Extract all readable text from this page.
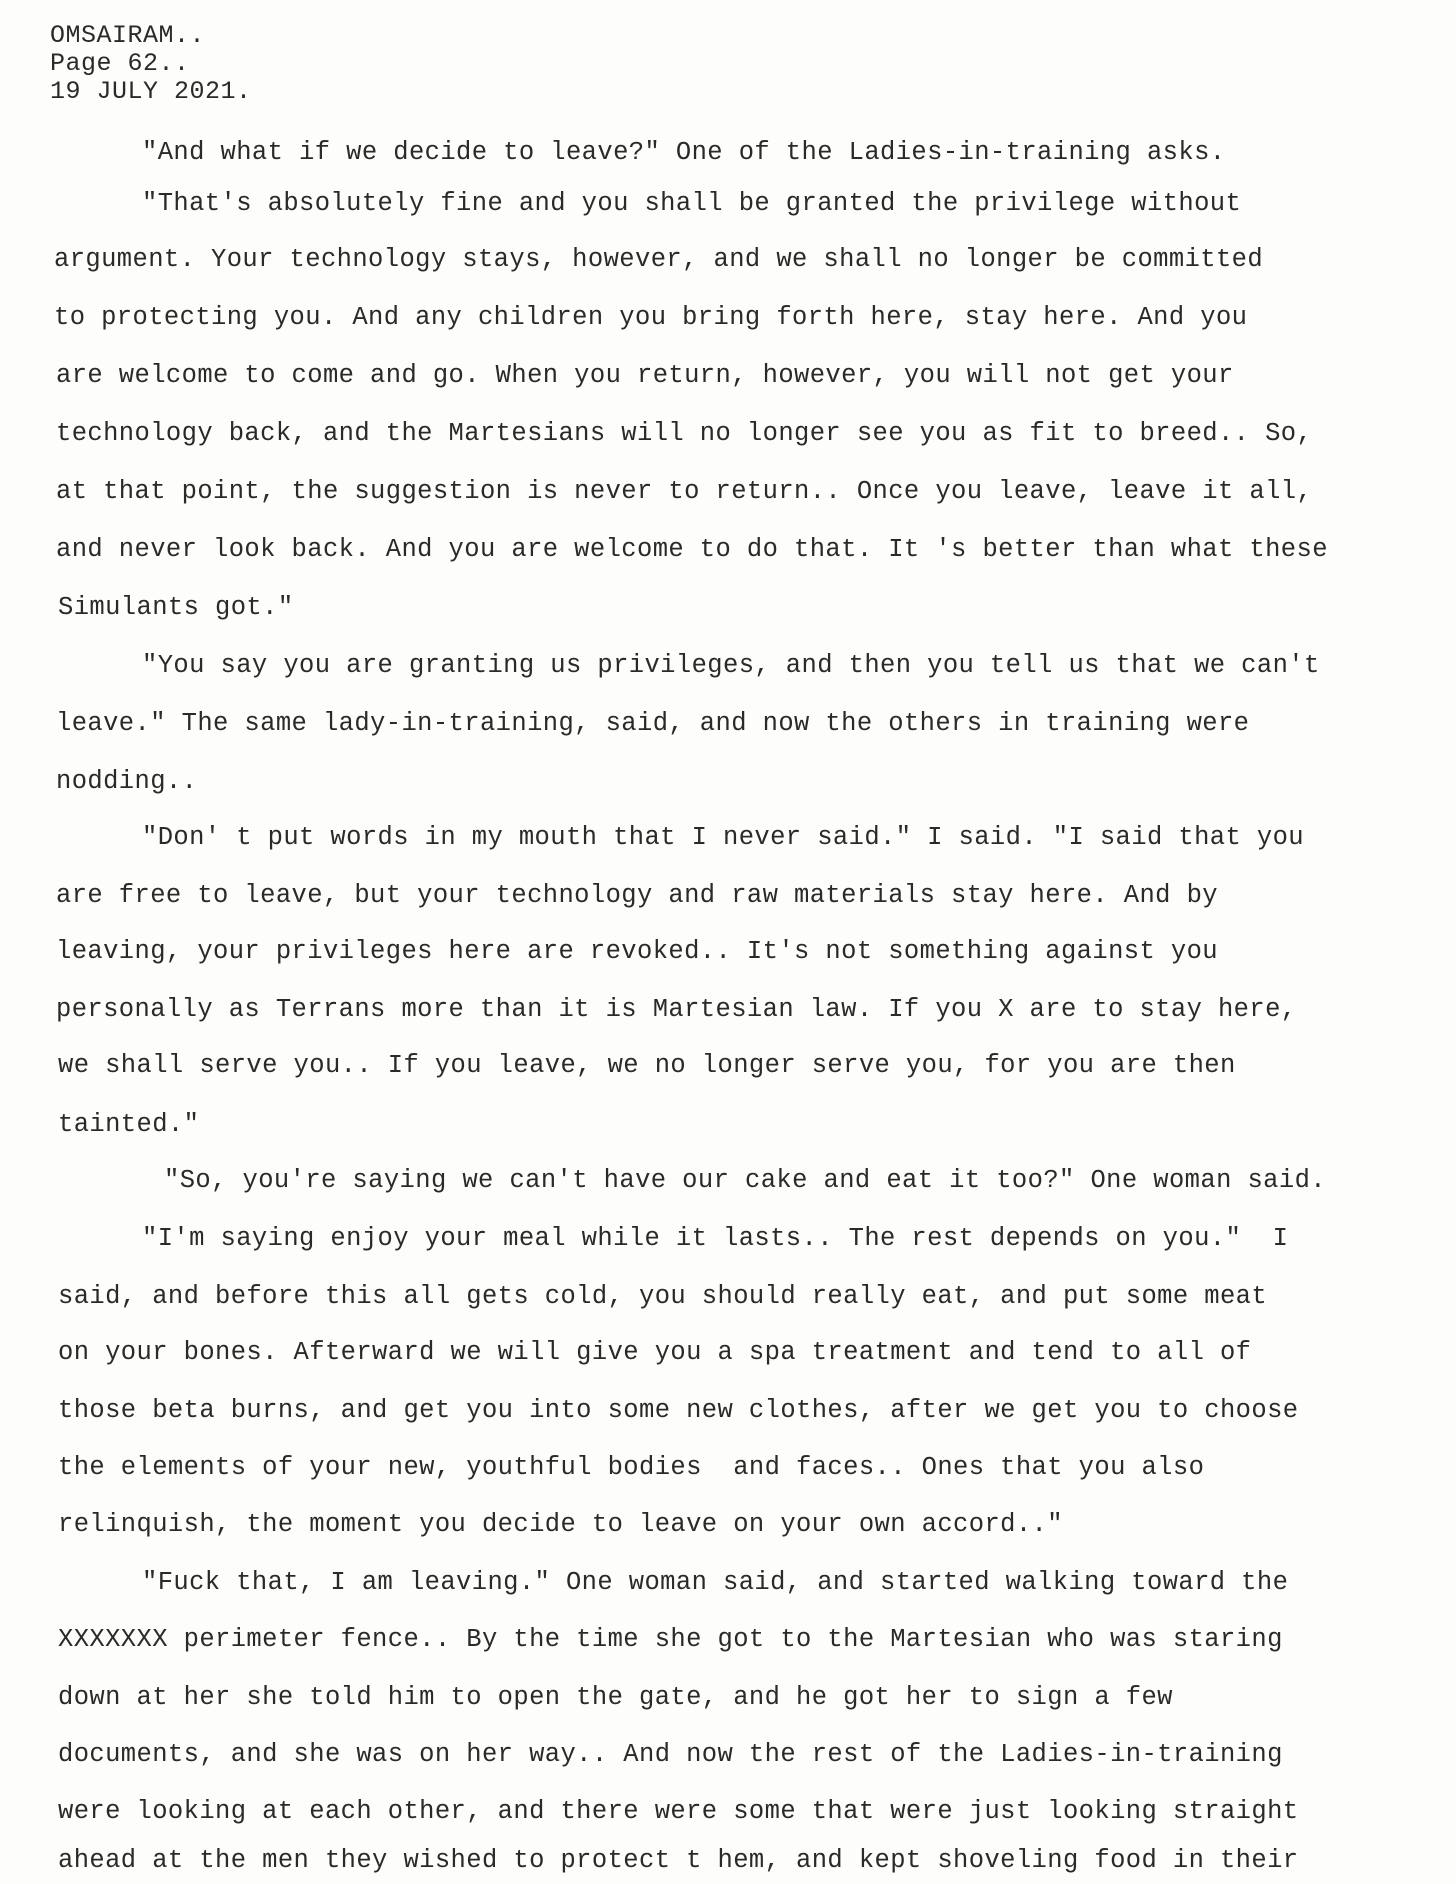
OMSAIRAM..
Page 62..
19 JULY 2021.
"And what if we decide to leave?" One of the Ladies-in-training asks.
"That's absolutely fine and you shall be granted the privilege without
argument. Your technology stays, however, and we shall no longer be committed
to protecting you. And any children you bring forth here, stay here. And you
are welcome to come and go. When you return, however, you will not get your
technology back, and the Martesians will no longer see you as fit to breed.. So,
at that point, the suggestion is never to return.. Once you leave, leave it all,
and never look back. And you are welcome to do that. It 's better than what these
Simulants got."
"You say you are granting us privileges, and then you tell us that we can't
leave." The same lady-in-training, said, and now the others in training were
nodding..
"Don' t put words in my mouth that I never said." I said. "I said that you
are free to leave, but your technology and raw materials stay here. And by
leaving, your privileges here are revoked.. It's not something against you
personally as Terrans more than it is Martesian law. If you X are to stay here,
we shall serve you.. If you leave, we no longer serve you, for you are then
tainted."
"So, you're saying we can't have our cake and eat it too?" One woman said.
"I'm saying enjoy your meal while it lasts.. The rest depends on you."  I
said, and before this all gets cold, you should really eat, and put some meat
on your bones. Afterward we will give you a spa treatment and tend to all of
those beta burns, and get you into some new clothes, after we get you to choose
the elements of your new, youthful bodies  and faces.. Ones that you also
relinquish, the moment you decide to leave on your own accord.."
"Fuck that, I am leaving." One woman said, and started walking toward the
XXXXXXX perimeter fence.. By the time she got to the Martesian who was staring
down at her she told him to open the gate, and he got her to sign a few
documents, and she was on her way.. And now the rest of the Ladies-in-training
were looking at each other, and there were some that were just looking straight
ahead at the men they wished to protect t hem, and kept shoveling food in their
